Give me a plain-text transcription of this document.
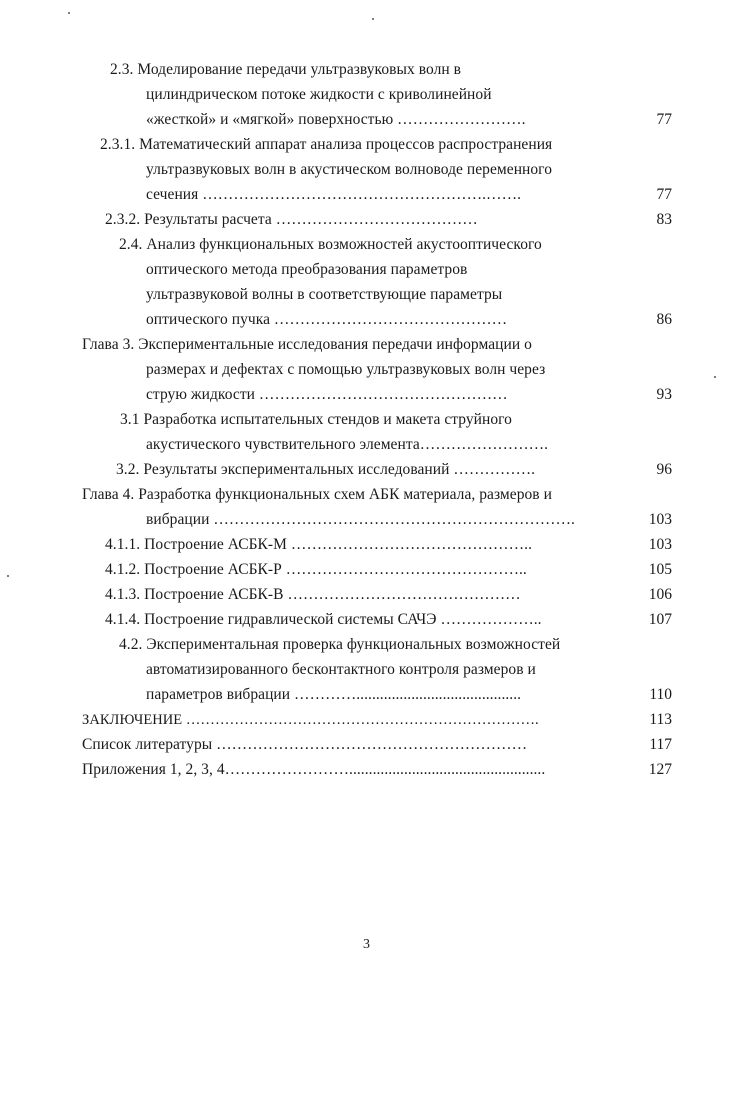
2.3. Моделирование передачи ультразвуковых волн в
цилиндрическом потоке жидкости с криволинейной
«жесткой» и «мягкой» поверхностью …………………….	77
2.3.1. Математический аппарат анализа процессов распространения
ультразвуковых волн в акустическом волноводе переменного
сечения ……………………………………………….…….	77
2.3.2. Результаты расчета …………………………………	83
2.4. Анализ функциональных возможностей акустооптического
оптического метода преобразования параметров
ультразвуковой волны в соответствующие параметры
оптического пучка ………………………………………	86
Глава 3. Экспериментальные исследования передачи информации о
размерах и дефектах с помощью ультразвуковых волн через
струю жидкости …………………………………………	93
3.1 Разработка испытательных стендов и макета струйного
акустического чувствительного элемента…………………….
3.2. Результаты экспериментальных исследований …………….	96
Глава 4. Разработка функциональных схем АБК материала, размеров и
вибрации …………………………………………………………….	103
4.1.1. Построение АСБК-М ………………………………………..	103
4.1.2. Построение АСБК-Р ………………………………………..	105
4.1.3. Построение АСБК-В ………………………………………	106
4.1.4. Построение гидравлической системы САЧЭ ………………..	107
4.2. Экспериментальная проверка функциональных возможностей
автоматизированного бесконтактного контроля размеров и
параметров вибрации …………..........................................	110
ЗАКЛЮЧЕНИЕ ……………………………………………………………….	113
Список литературы ……………………………………………………	117
Приложения 1, 2, 3, 4……………………..................................................	127
3
